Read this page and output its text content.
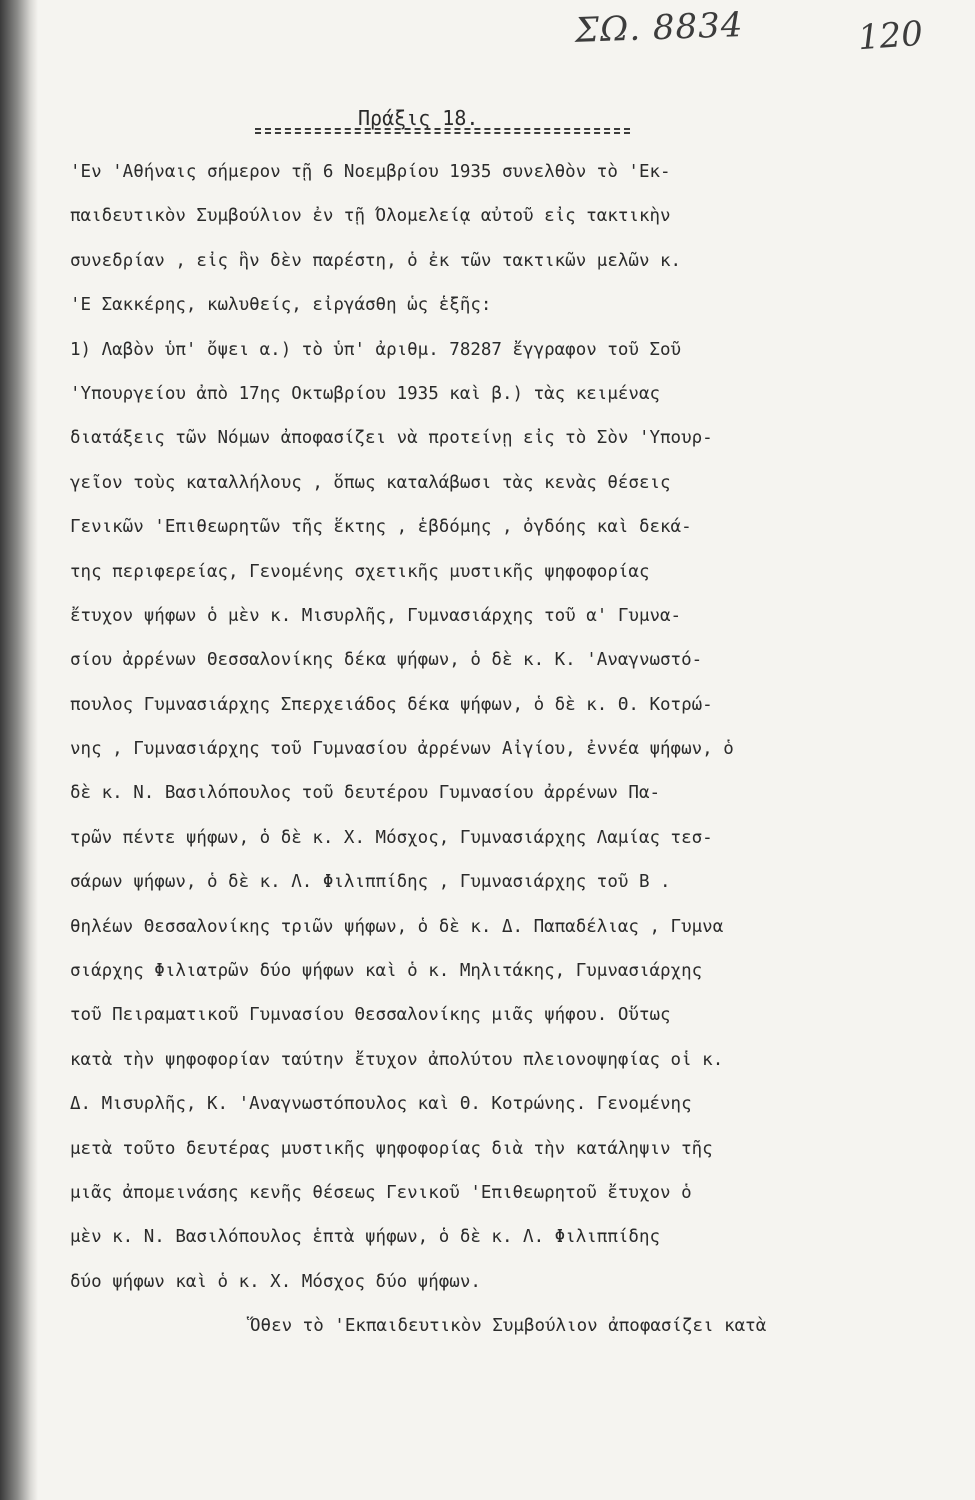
ΣΩ. 8834	120
Πράξις 18.
'Εν 'Αθήναις σήμερον τῇ 6 Νοεμβρίου 1935 συνελθὸν τὸ 'Εκ-
παιδευτικὸν Συμβούλιον ἐν τῇ Όλομελείᾳ αὐτοῦ εἰς τακτικὴν
συνεδρίαν , εἰς ἣν δὲν παρέστη, ὁ ἐκ τῶν τακτικῶν μελῶν κ.
'Ε Σακκέρης, κωλυθείς, εἰργάσθη ὡς ἑξῆς:
1) Λαβὸν ὑπ' ὄψει α.) τὸ ὑπ' ἀριθμ. 78287 ἔγγραφον τοῦ Σοῦ
'Υπουργείου ἀπὸ 17ης Οκτωβρίου 1935 καὶ β.) τὰς κειμένας
διατάξεις τῶν Νόμων ἀποφασίζει νὰ προτείνῃ εἰς τὸ Σὸν 'Υπουρ-
γεῖον τοὺς καταλλήλους , ὅπως καταλάβωσι τὰς κενὰς θέσεις
Γενικῶν 'Επιθεωρητῶν τῆς ἕκτης , ἑβδόμης , ὀγδόης καὶ δεκά-
της περιφερείας, Γενομένης σχετικῆς μυστικῆς ψηφοφορίας
ἔτυχον ψήφων ὁ μὲν κ. Μισυρλῆς, Γυμνασιάρχης τοῦ α' Γυμνα-
σίου ἀρρένων Θεσσαλονίκης δέκα ψήφων, ὁ δὲ κ. Κ. 'Αναγνωστό-
πουλος Γυμνασιάρχης Σπερχειάδος δέκα ψήφων, ὁ δὲ κ. Θ. Κοτρώ-
νης , Γυμνασιάρχης τοῦ Γυμνασίου ἀρρένων Αἰγίου, ἐννέα ψήφων, ὁ
δὲ κ. Ν. Βασιλόπουλος τοῦ δευτέρου Γυμνασίου ἀρρένων Πα-
τρῶν πέντε ψήφων, ὁ δὲ κ. Χ. Μόσχος, Γυμνασιάρχης Λαμίας τεσ-
σάρων ψήφων, ὁ δὲ κ. Λ. Φιλιππίδης , Γυμνασιάρχης τοῦ Β .
θηλέων Θεσσαλονίκης τριῶν ψήφων, ὁ δὲ κ. Δ. Παπαδέλιας , Γυμνα
σιάρχης Φιλιατρῶν δύο ψήφων καὶ ὁ κ. Μηλιτάκης, Γυμνασιάρχης
τοῦ Πειραματικοῦ Γυμνασίου Θεσσαλονίκης μιᾶς ψήφου. Οὕτως
κατὰ τὴν ψηφοφορίαν ταύτην ἔτυχον ἀπολύτου πλειονοψηφίας οἱ κ.
Δ. Μισυρλῆς, Κ. 'Αναγνωστόπουλος καὶ Θ. Κοτρώνης. Γενομένης
μετὰ τοῦτο δευτέρας μυστικῆς ψηφοφορίας διὰ τὴν κατάληψιν τῆς
μιᾶς ἀπομεινάσης κενῆς θέσεως Γενικοῦ 'Επιθεωρητοῦ ἔτυχον ὁ
μὲν κ. Ν. Βασιλόπουλος ἑπτὰ ψήφων, ὁ δὲ κ. Λ. Φιλιππίδης
δύο ψήφων καὶ ὁ κ. Χ. Μόσχος δύο ψήφων.
Ὅθεν τὸ 'Εκπαιδευτικὸν Συμβούλιον ἀποφασίζει κατὰ
